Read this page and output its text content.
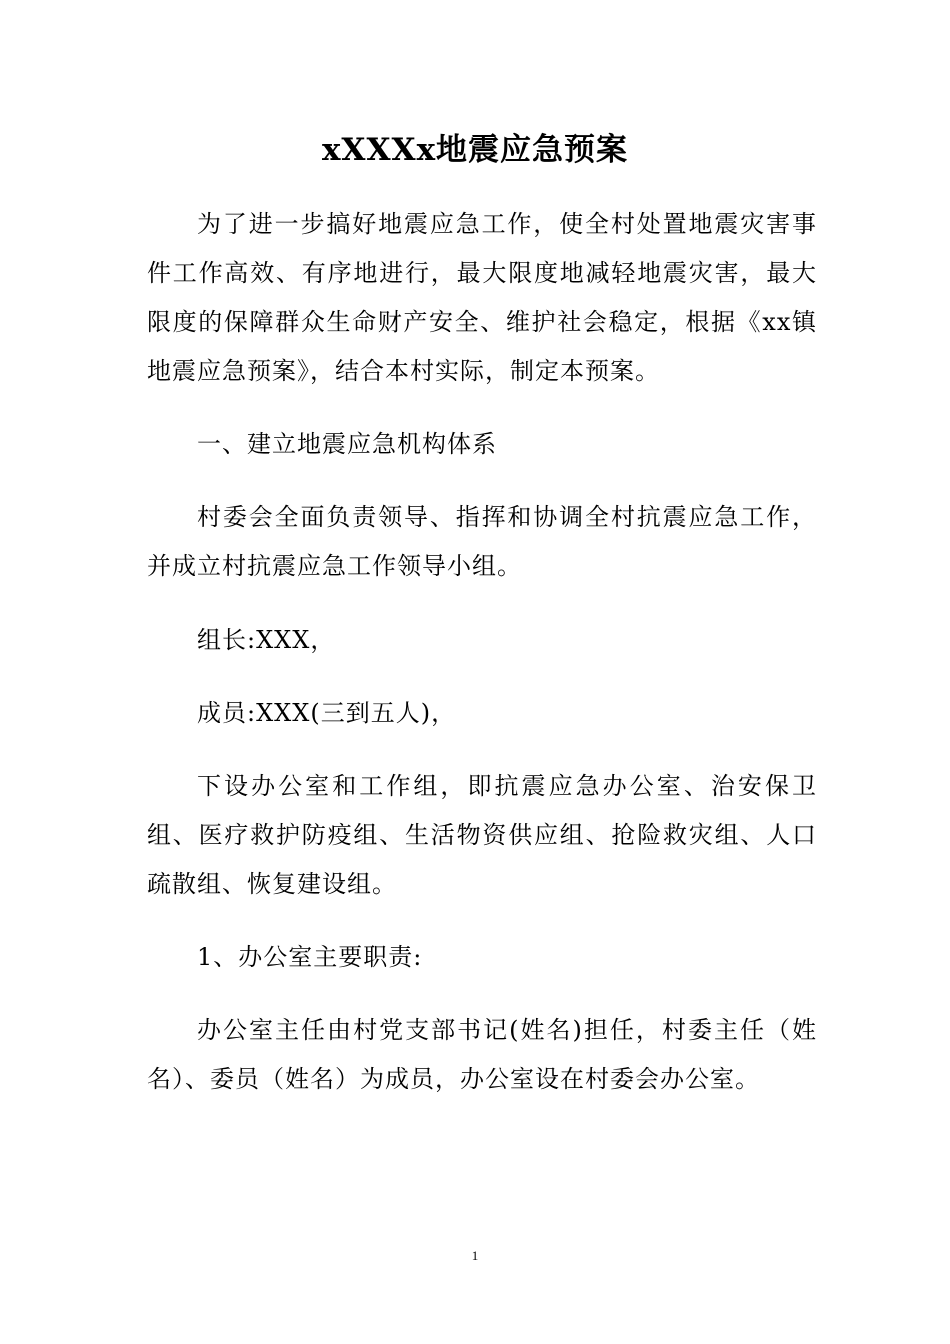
xXXXx地震应急预案

为了进一步搞好地震应急工作，使全村处置地震灾害事件工作高效、有序地进行，最大限度地减轻地震灾害，最大限度的保障群众生命财产安全、维护社会稳定，根据《xx镇地震应急预案》，结合本村实际，制定本预案。

一、建立地震应急机构体系

村委会全面负责领导、指挥和协调全村抗震应急工作，并成立村抗震应急工作领导小组。

组长:XXX，

成员:XXX(三到五人)，

下设办公室和工作组，即抗震应急办公室、治安保卫组、医疗救护防疫组、生活物资供应组、抢险救灾组、人口疏散组、恢复建设组。

1、办公室主要职责:

办公室主任由村党支部书记(姓名)担任，村委主任（姓名）、委员（姓名）为成员，办公室设在村委会办公室。

1
